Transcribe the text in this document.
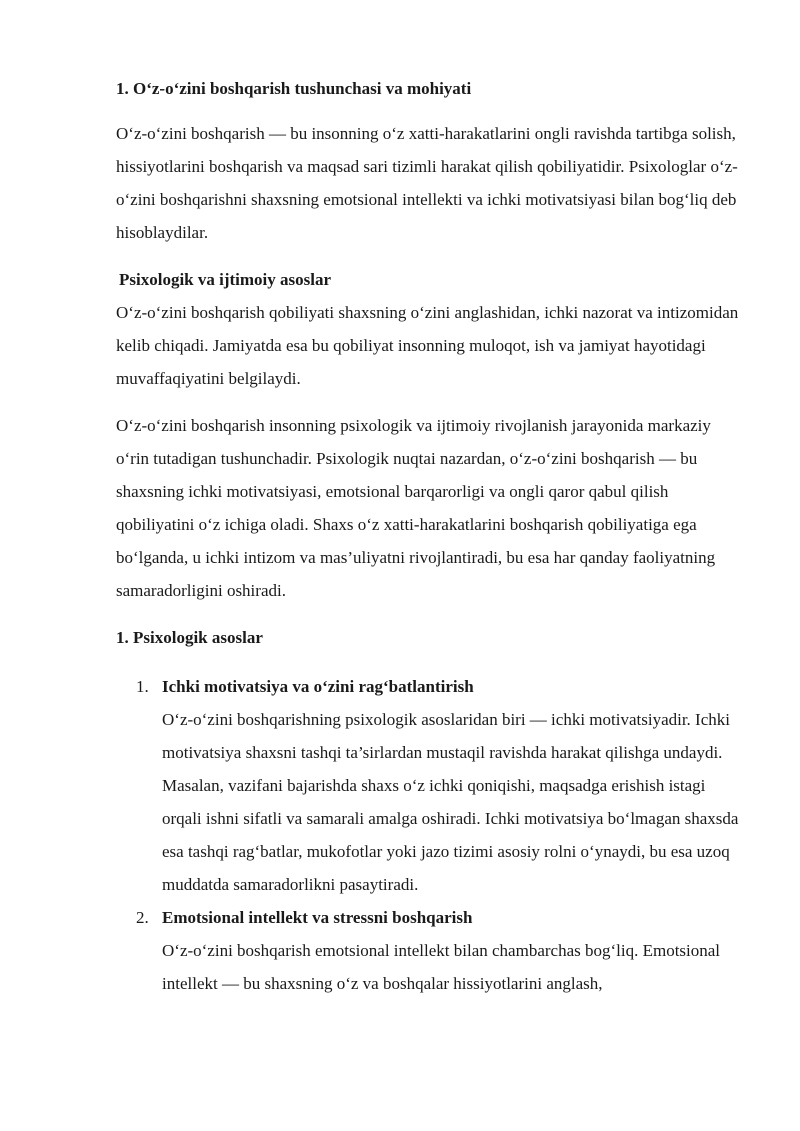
1. O‘z-o‘zini boshqarish tushunchasi va mohiyati

O‘z-o‘zini boshqarish — bu insonning o‘z xatti-harakatlarini ongli ravishda tartibga solish, hissiyotlarini boshqarish va maqsad sari tizimli harakat qilish qobiliyatidir. Psixologlar o‘z-o‘zini boshqarishni shaxsning emotsional intellekti va ichki motivatsiyasi bilan bog‘liq deb hisoblaydilar.

Psixologik va ijtimoiy asoslar

O‘z-o‘zini boshqarish qobiliyati shaxsning o‘zini anglashidan, ichki nazorat va intizomidan kelib chiqadi. Jamiyatda esa bu qobiliyat insonning muloqot, ish va jamiyat hayotidagi muvaffaqiyatini belgilaydi.

O‘z-o‘zini boshqarish insonning psixologik va ijtimoiy rivojlanish jarayonida markaziy o‘rin tutadigan tushunchadir. Psixologik nuqtai nazardan, o‘z-o‘zini boshqarish — bu shaxsning ichki motivatsiyasi, emotsional barqarorligi va ongli qaror qabul qilish qobiliyatini o‘z ichiga oladi. Shaxs o‘z xatti-harakatlarini boshqarish qobiliyatiga ega bo‘lganda, u ichki intizom va mas’uliyatni rivojlantiradi, bu esa har qanday faoliyatning samaradorligini oshiradi.

1. Psixologik asoslar
1. Ichki motivatsiya va o‘zini rag‘batlantirish

O‘z-o‘zini boshqarishning psixologik asoslaridan biri — ichki motivatsiyadir. Ichki motivatsiya shaxsni tashqi ta’sirlardan mustaqil ravishda harakat qilishga undaydi. Masalan, vazifani bajarishda shaxs o‘z ichki qoniqishi, maqsadga erishish istagi orqali ishni sifatli va samarali amalga oshiradi. Ichki motivatsiya bo‘lmagan shaxsda esa tashqi rag‘batlar, mukofotlar yoki jazo tizimi asosiy rolni o‘ynaydi, bu esa uzoq muddatda samaradorlikni pasaytiradi.

2. Emotsional intellekt va stressni boshqarish

O‘z-o‘zini boshqarish emotsional intellekt bilan chambarchas bog‘liq. Emotsional intellekt — bu shaxsning o‘z va boshqalar hissiyotlarini anglash,
